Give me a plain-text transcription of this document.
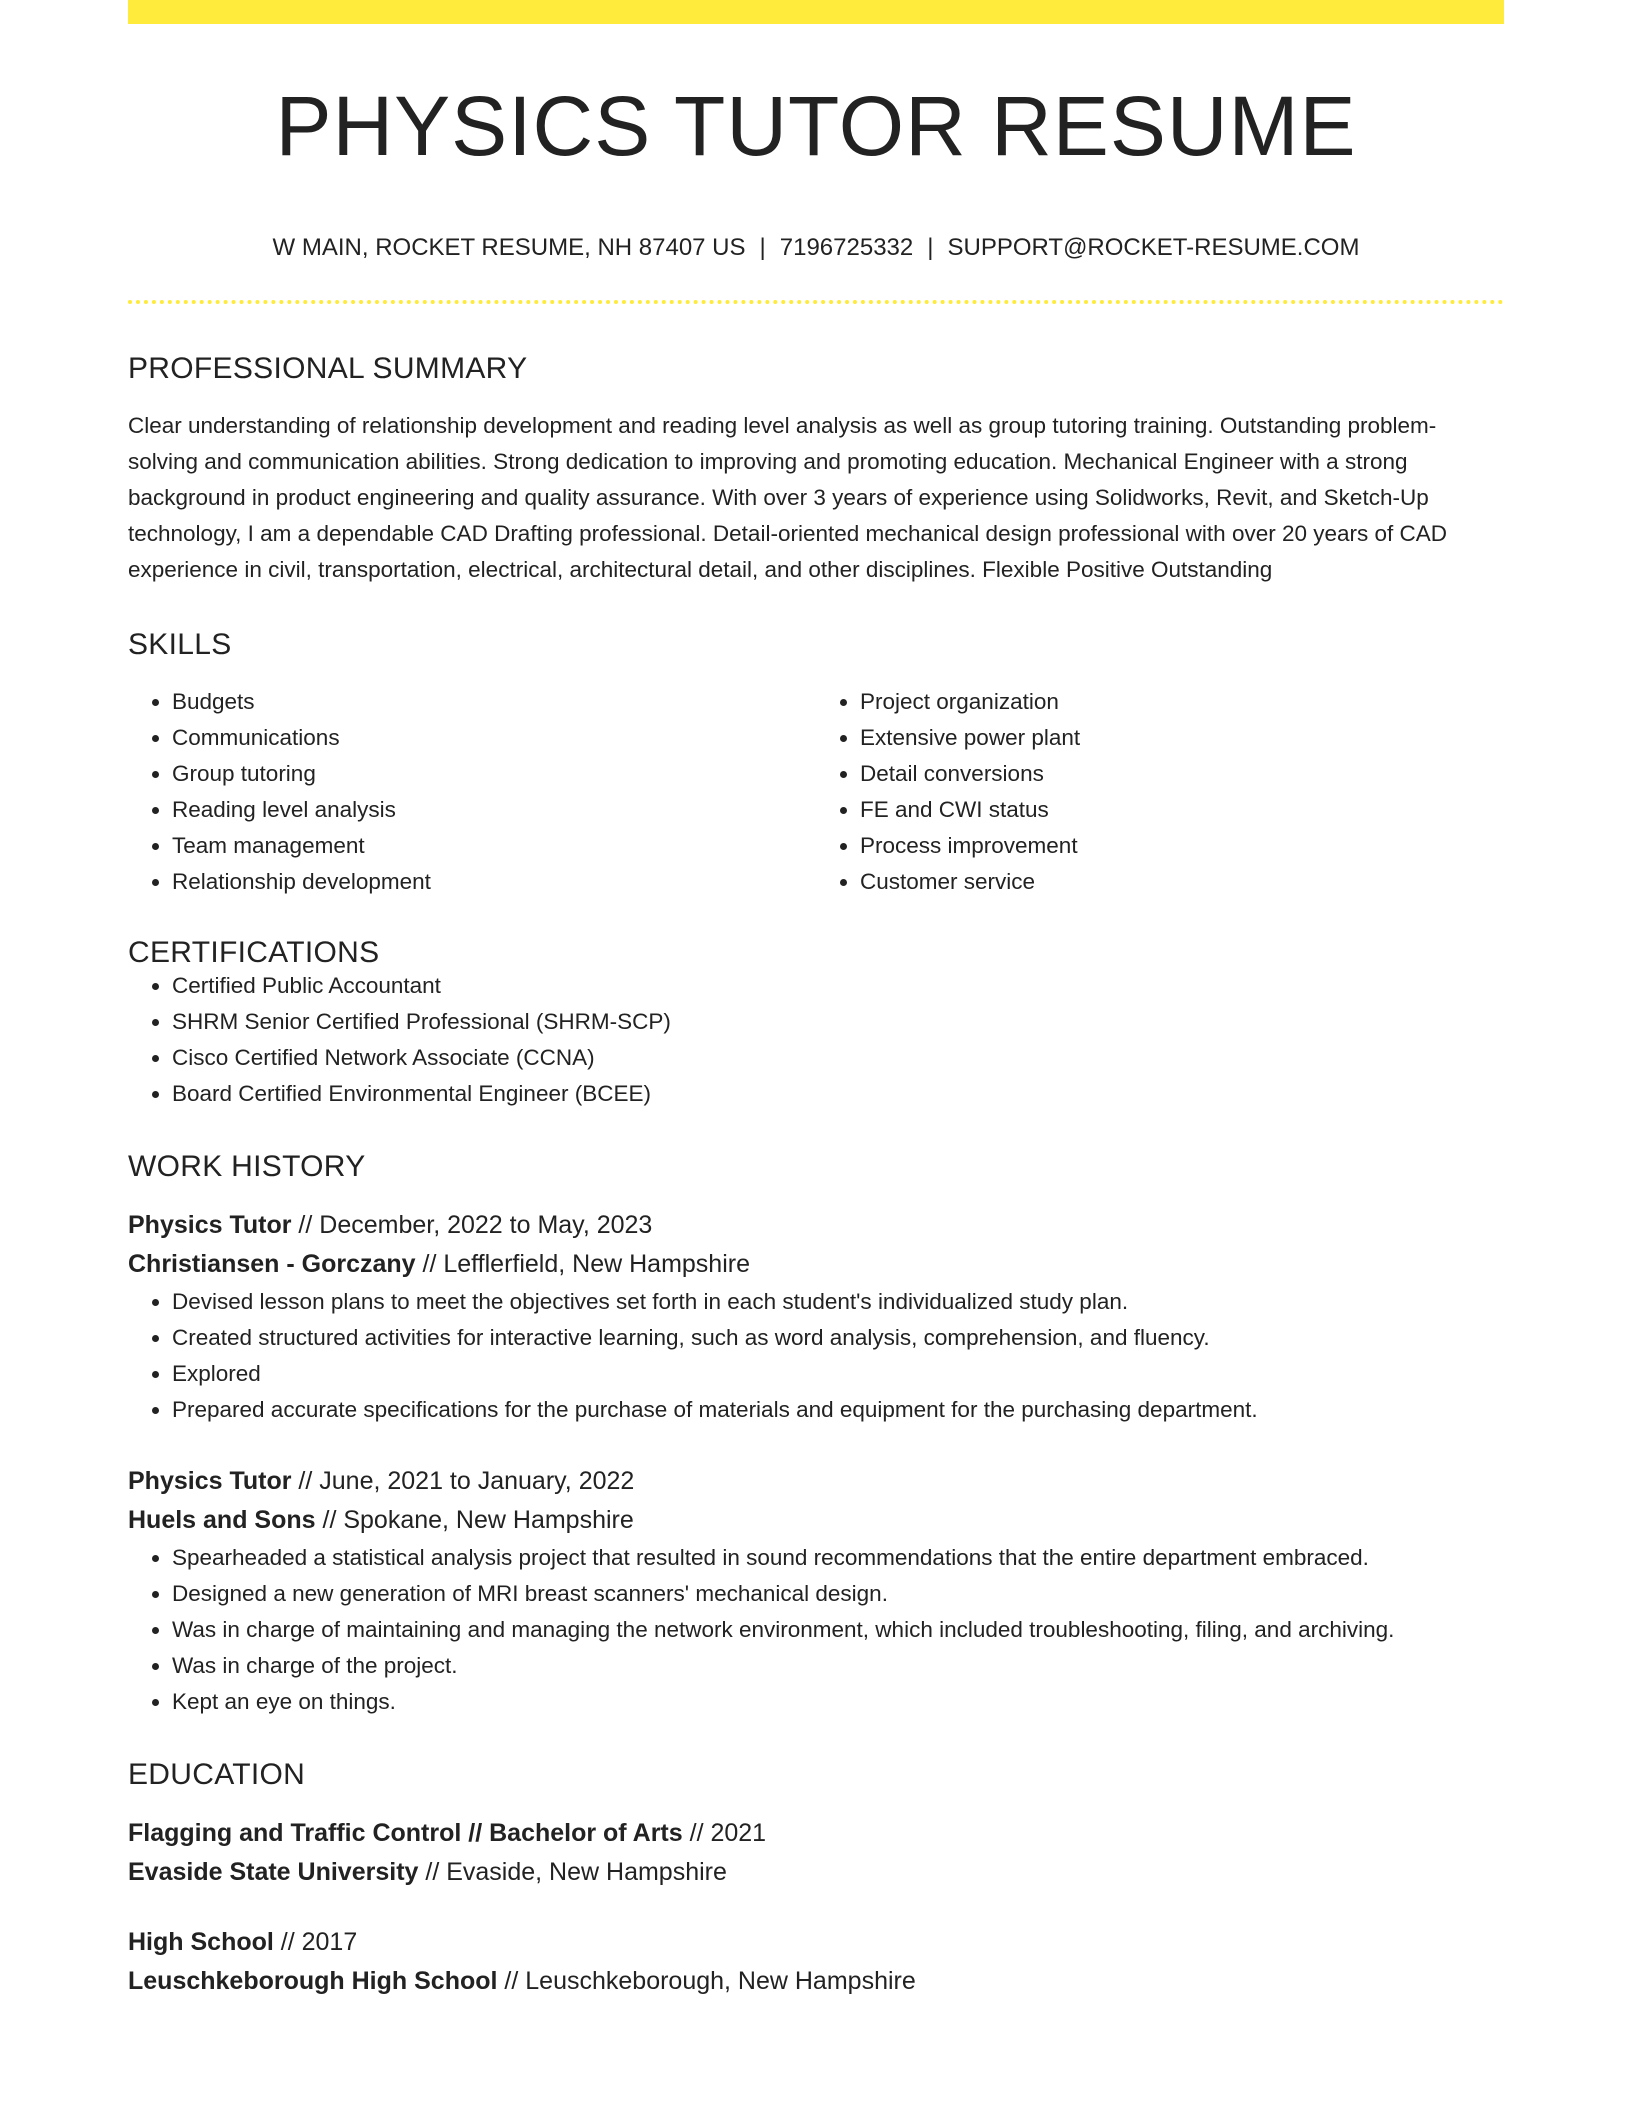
PHYSICS TUTOR RESUME
W MAIN, ROCKET RESUME, NH 87407 US | 7196725332 | SUPPORT@ROCKET-RESUME.COM
PROFESSIONAL SUMMARY
Clear understanding of relationship development and reading level analysis as well as group tutoring training. Outstanding problem-solving and communication abilities. Strong dedication to improving and promoting education. Mechanical Engineer with a strong background in product engineering and quality assurance. With over 3 years of experience using Solidworks, Revit, and Sketch-Up technology, I am a dependable CAD Drafting professional. Detail-oriented mechanical design professional with over 20 years of CAD experience in civil, transportation, electrical, architectural detail, and other disciplines. Flexible Positive Outstanding
SKILLS
• Budgets
• Communications
• Group tutoring
• Reading level analysis
• Team management
• Relationship development
• Project organization
• Extensive power plant
• Detail conversions
• FE and CWI status
• Process improvement
• Customer service
CERTIFICATIONS
• Certified Public Accountant
• SHRM Senior Certified Professional (SHRM-SCP)
• Cisco Certified Network Associate (CCNA)
• Board Certified Environmental Engineer (BCEE)
WORK HISTORY
Physics Tutor // December, 2022 to May, 2023
Christiansen - Gorczany // Lefflerfield, New Hampshire
• Devised lesson plans to meet the objectives set forth in each student's individualized study plan.
• Created structured activities for interactive learning, such as word analysis, comprehension, and fluency.
• Explored
• Prepared accurate specifications for the purchase of materials and equipment for the purchasing department.
Physics Tutor // June, 2021 to January, 2022
Huels and Sons // Spokane, New Hampshire
• Spearheaded a statistical analysis project that resulted in sound recommendations that the entire department embraced.
• Designed a new generation of MRI breast scanners' mechanical design.
• Was in charge of maintaining and managing the network environment, which included troubleshooting, filing, and archiving.
• Was in charge of the project.
• Kept an eye on things.
EDUCATION
Flagging and Traffic Control // Bachelor of Arts // 2021
Evaside State University // Evaside, New Hampshire
High School // 2017
Leuschkeborough High School // Leuschkeborough, New Hampshire
